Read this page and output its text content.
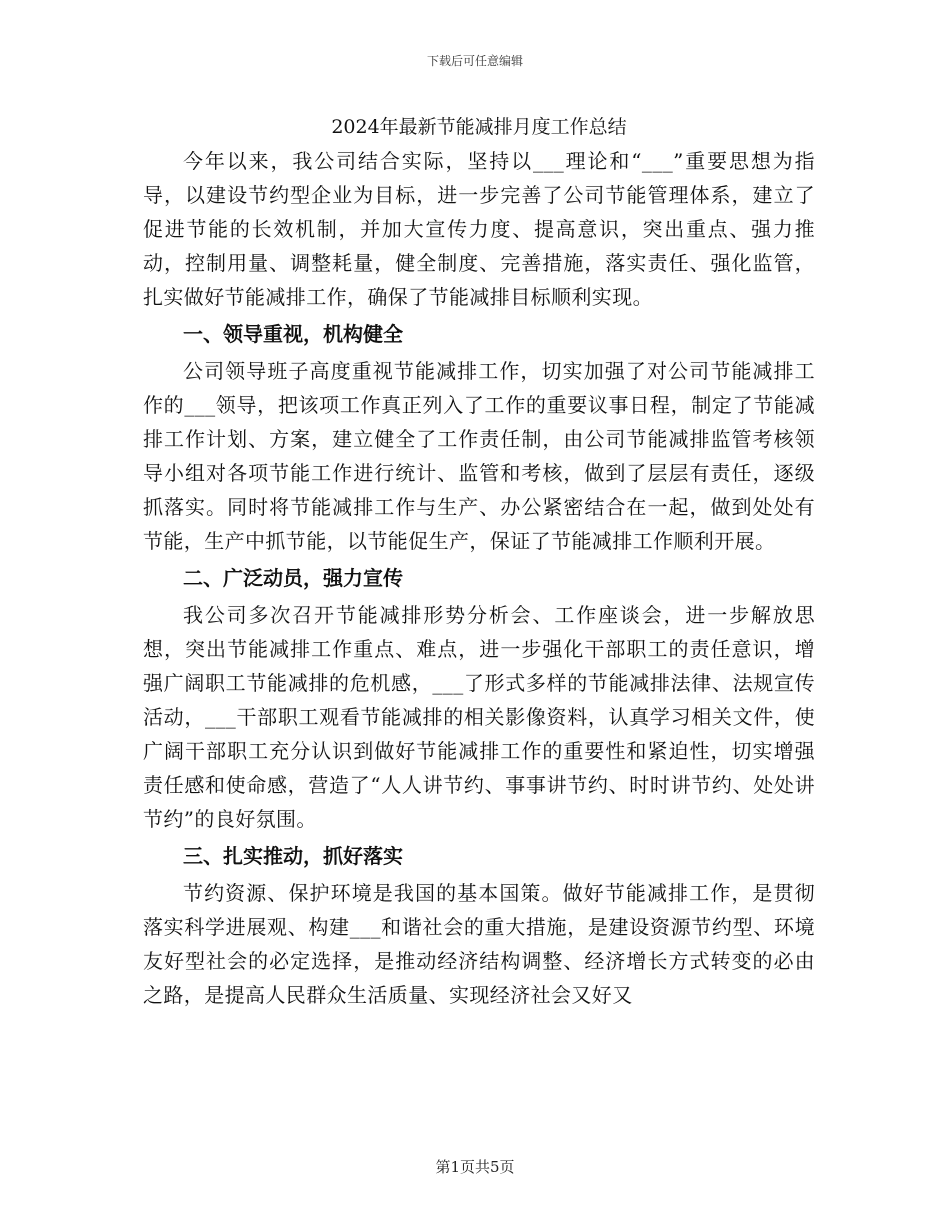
下载后可任意编辑
2024年最新节能减排月度工作总结

今年以来，我公司结合实际，坚持以___理论和“___”重要思想为指导，以建设节约型企业为目标，进一步完善了公司节能管理体系，建立了促进节能的长效机制，并加大宣传力度、提高意识，突出重点、强力推动，控制用量、调整耗量，健全制度、完善措施，落实责任、强化监管，扎实做好节能减排工作，确保了节能减排目标顺利实现。

一、领导重视，机构健全

公司领导班子高度重视节能减排工作，切实加强了对公司节能减排工作的___领导，把该项工作真正列入了工作的重要议事日程，制定了节能减排工作计划、方案，建立健全了工作责任制，由公司节能减排监管考核领导小组对各项节能工作进行统计、监管和考核，做到了层层有责任，逐级抓落实。同时将节能减排工作与生产、办公紧密结合在一起，做到处处有节能，生产中抓节能，以节能促生产，保证了节能减排工作顺利开展。

二、广泛动员，强力宣传

我公司多次召开节能减排形势分析会、工作座谈会，进一步解放思想，突出节能减排工作重点、难点，进一步强化干部职工的责任意识，增强广阔职工节能减排的危机感，___了形式多样的节能减排法律、法规宣传活动，___干部职工观看节能减排的相关影像资料，认真学习相关文件，使广阔干部职工充分认识到做好节能减排工作的重要性和紧迫性，切实增强责任感和使命感，营造了“人人讲节约、事事讲节约、时时讲节约、处处讲节约”的良好氛围。

三、扎实推动，抓好落实

节约资源、保护环境是我国的基本国策。做好节能减排工作，是贯彻落实科学进展观、构建___和谐社会的重大措施，是建设资源节约型、环境友好型社会的必定选择，是推动经济结构调整、经济增长方式转变的必由之路，是提高人民群众生活质量、实现经济社会又好又

第1页共5页
